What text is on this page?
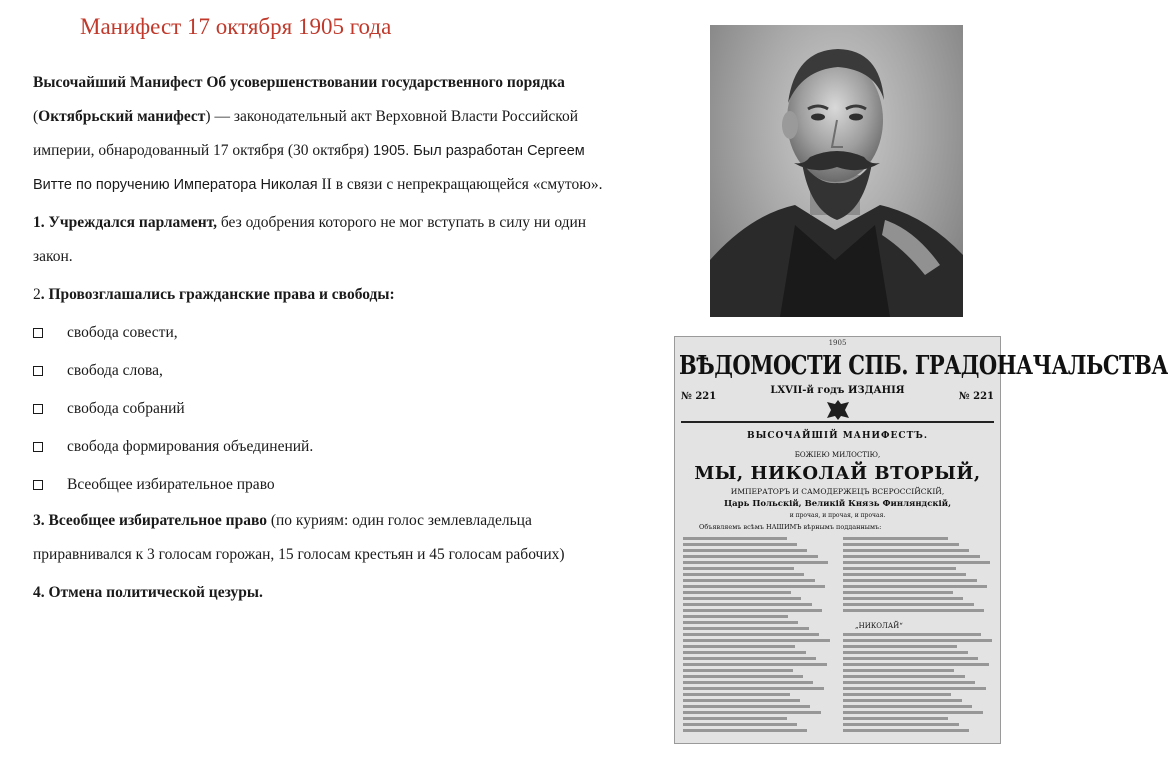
Манифест 17 октября 1905 года

Высочайший Манифест Об усовершенствовании государственного порядка (Октябрьский манифест) — законодательный акт Верховной Власти Российской империи, обнародованный 17 октября (30 октября) 1905. Был разработан Сергеем Витте по поручению Императора Николая II в связи с непрекращающейся «смутою».

1. Учреждался парламент, без одобрения которого не мог вступать в силу ни один закон.

2. Провозглашались гражданские права и свободы:

свобода совести,
свобода слова,
свобода собраний
свобода формирования объединений.
Всеобщее избирательное право

3. Всеобщее избирательное право (по куриям: один голос землевладельца приравнивался к 3 голосам горожан, 15 голосам крестьян и 45 голосам рабочих)

4. Отмена политической цезуры.

1905
ВѢДОМОСТИ СПБ. ГРАДОНАЧАЛЬСТВА
№ 221
LXVII-й годъ ИЗДАНІЯ
№ 221
ВЫСОЧАЙШІЙ МАНИФЕСТЪ.
БОЖІЕЮ МИЛОСТІЮ,
МЫ, НИКОЛАЙ ВТОРЫЙ,
ИМПЕРАТОРЪ И САМОДЕРЖЕЦЪ ВСЕРОССІЙСКІЙ,
Царь Польскій, Великій Князь Финляндскій,
и прочая, и прочая, и прочая.
Объявляемъ всѣмъ НАШИМЪ вѣрнымъ подданнымъ:
„НИКОЛАЙ“
